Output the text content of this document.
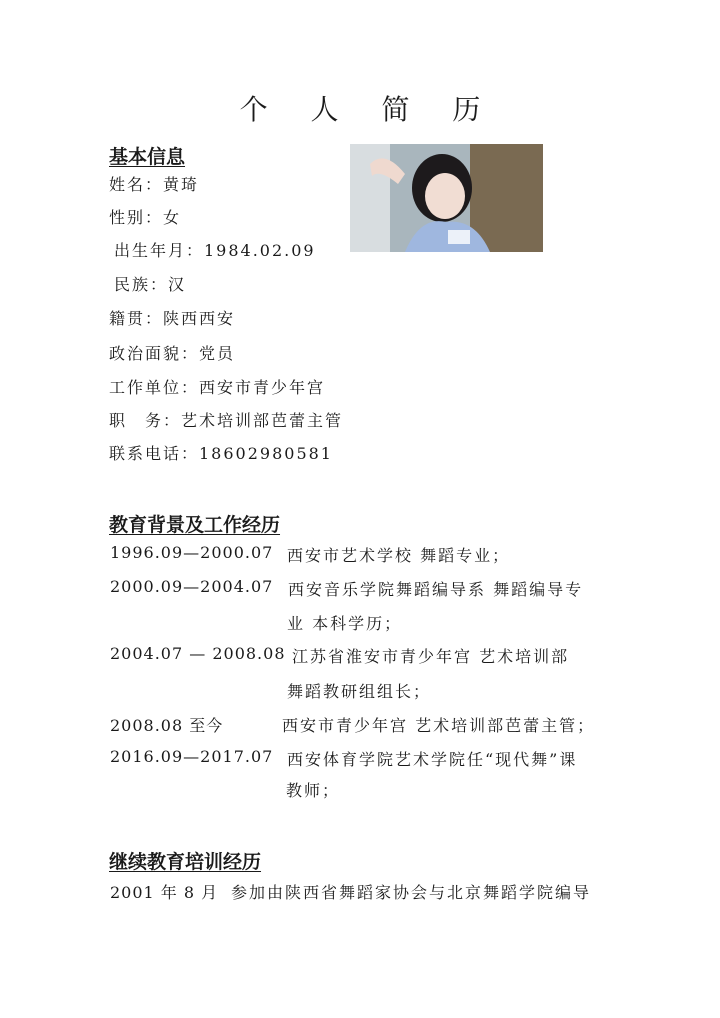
个 人 简 历
基本信息
姓名：黄琦
性别：女
出生年月：1984.02.09
民族：汉
籍贯：陕西西安
政治面貌：党员
工作单位：西安市青少年宫
职　务：艺术培训部芭蕾主管
联系电话：18602980581
教育背景及工作经历
1996.09—2000.07 西安市艺术学校 舞蹈专业；
2000.09—2004.07 西安音乐学院舞蹈编导系 舞蹈编导专
业 本科学历；
2004.07 — 2008.08 江苏省淮安市青少年宫 艺术培训部
舞蹈教研组组长；
2008.08 至今	西安市青少年宫 艺术培训部芭蕾主管；
2016.09—2017.07 西安体育学院艺术学院任“现代舞”课
教师；
继续教育培训经历
2001 年 8 月 参加由陕西省舞蹈家协会与北京舞蹈学院编导
